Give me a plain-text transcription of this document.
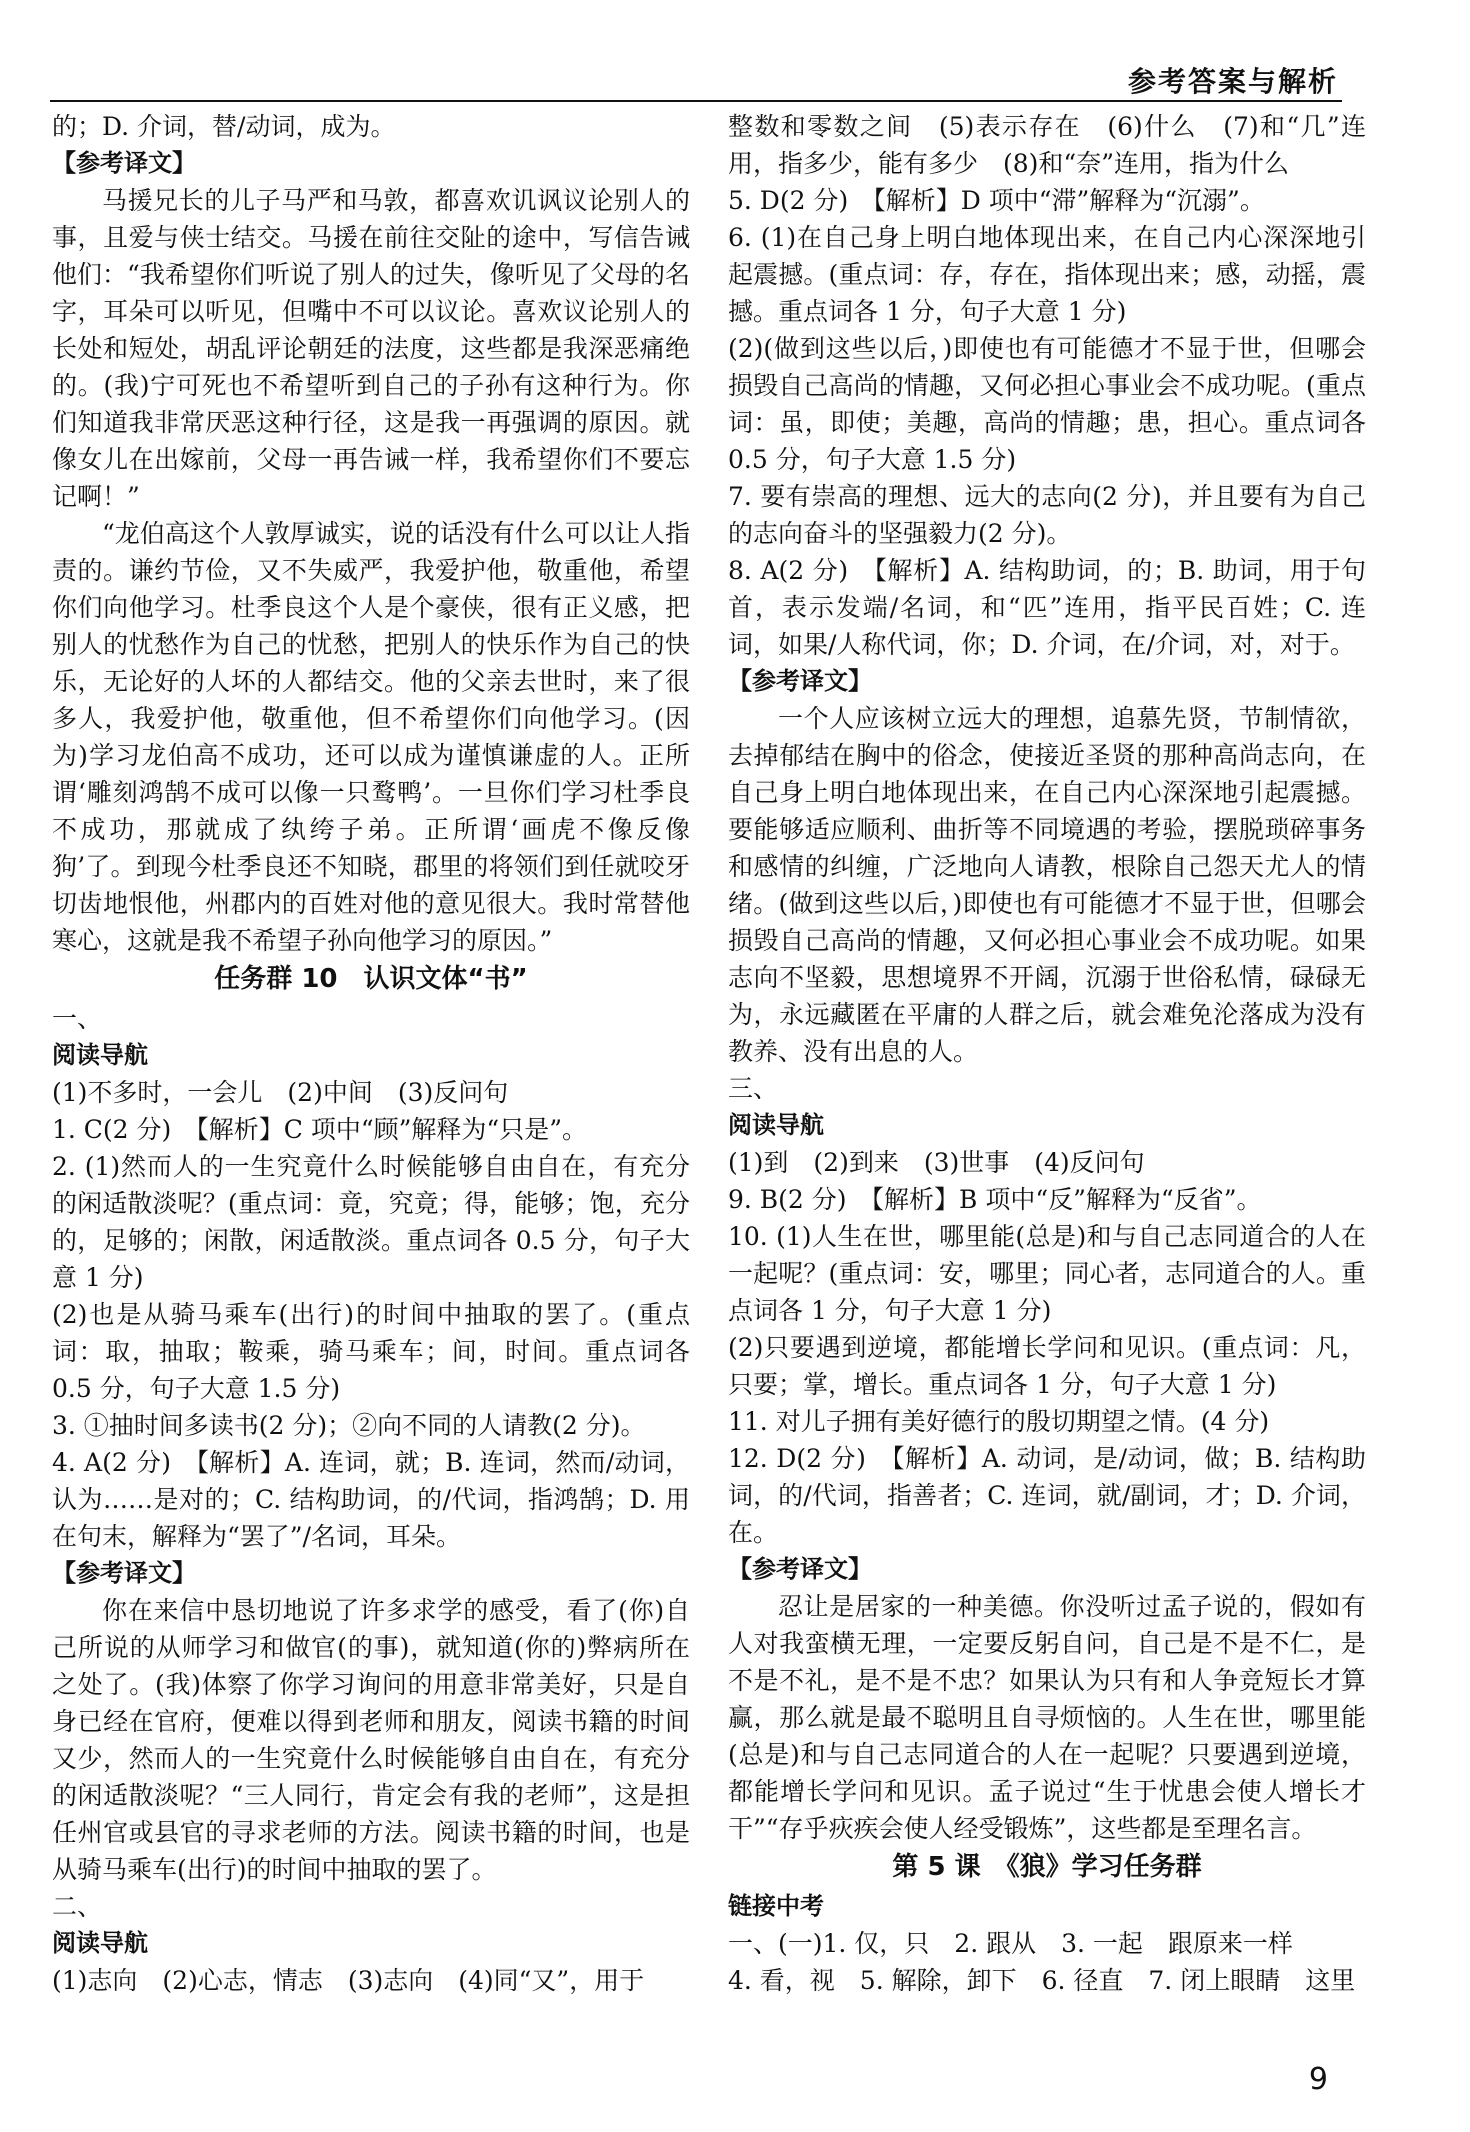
参考答案与解析

的；D. 介词，替/动词，成为。

【参考译文】

马援兄长的儿子马严和马敦，都喜欢讥讽议论别人的事，且爱与侠士结交。马援在前往交阯的途中，写信告诫他们：“我希望你们听说了别人的过失，像听见了父母的名字，耳朵可以听见，但嘴中不可以议论。喜欢议论别人的长处和短处，胡乱评论朝廷的法度，这些都是我深恶痛绝的。(我)宁可死也不希望听到自己的子孙有这种行为。你们知道我非常厌恶这种行径，这是我一再强调的原因。就像女儿在出嫁前，父母一再告诫一样，我希望你们不要忘记啊！”

“龙伯高这个人敦厚诚实，说的话没有什么可以让人指责的。谦约节俭，又不失威严，我爱护他，敬重他，希望你们向他学习。杜季良这个人是个豪侠，很有正义感，把别人的忧愁作为自己的忧愁，把别人的快乐作为自己的快乐，无论好的人坏的人都结交。他的父亲去世时，来了很多人，我爱护他，敬重他，但不希望你们向他学习。(因为)学习龙伯高不成功，还可以成为谨慎谦虚的人。正所谓‘雕刻鸿鹄不成可以像一只鹜鸭’。一旦你们学习杜季良不成功，那就成了纨绔子弟。正所谓‘画虎不像反像狗’了。到现今杜季良还不知晓，郡里的将领们到任就咬牙切齿地恨他，州郡内的百姓对他的意见很大。我时常替他寒心，这就是我不希望子孙向他学习的原因。”

任务群 10　认识文体“书”

一、

阅读导航

(1)不多时，一会儿　(2)中间　(3)反问句

1. C(2 分)　【解析】C 项中“顾”解释为“只是”。

2. (1)然而人的一生究竟什么时候能够自由自在，有充分的闲适散淡呢？(重点词：竟，究竟；得，能够；饱，充分的，足够的；闲散，闲适散淡。重点词各 0.5 分，句子大意 1 分)

(2)也是从骑马乘车(出行)的时间中抽取的罢了。(重点词：取，抽取；鞍乘，骑马乘车；间，时间。重点词各 0.5 分，句子大意 1.5 分)

3. ①抽时间多读书(2 分)；②向不同的人请教(2 分)。

4. A(2 分)　【解析】A. 连词，就；B. 连词，然而/动词，认为……是对的；C. 结构助词，的/代词，指鸿鹄；D. 用在句末，解释为“罢了”/名词，耳朵。

【参考译文】

你在来信中恳切地说了许多求学的感受，看了(你)自己所说的从师学习和做官(的事)，就知道(你的)弊病所在之处了。(我)体察了你学习询问的用意非常美好，只是自身已经在官府，便难以得到老师和朋友，阅读书籍的时间又少，然而人的一生究竟什么时候能够自由自在，有充分的闲适散淡呢？“三人同行，肯定会有我的老师”，这是担任州官或县官的寻求老师的方法。阅读书籍的时间，也是从骑马乘车(出行)的时间中抽取的罢了。

二、

阅读导航

(1)志向　(2)心志，情志　(3)志向　(4)同“又”，用于

整数和零数之间　(5)表示存在　(6)什么　(7)和“几”连用，指多少，能有多少　(8)和“奈”连用，指为什么

5. D(2 分)　【解析】D 项中“滞”解释为“沉溺”。

6. (1)在自己身上明白地体现出来，在自己内心深深地引起震撼。(重点词：存，存在，指体现出来；感，动摇，震撼。重点词各 1 分，句子大意 1 分)

(2)(做到这些以后，)即使也有可能德才不显于世，但哪会损毁自己高尚的情趣，又何必担心事业会不成功呢。(重点词：虽，即使；美趣，高尚的情趣；患，担心。重点词各 0.5 分，句子大意 1.5 分)

7. 要有崇高的理想、远大的志向(2 分)，并且要有为自己的志向奋斗的坚强毅力(2 分)。

8. A(2 分)　【解析】A. 结构助词，的；B. 助词，用于句首，表示发端/名词，和“匹”连用，指平民百姓；C. 连词，如果/人称代词，你；D. 介词，在/介词，对，对于。

【参考译文】

一个人应该树立远大的理想，追慕先贤，节制情欲，去掉郁结在胸中的俗念，使接近圣贤的那种高尚志向，在自己身上明白地体现出来，在自己内心深深地引起震撼。要能够适应顺利、曲折等不同境遇的考验，摆脱琐碎事务和感情的纠缠，广泛地向人请教，根除自己怨天尤人的情绪。(做到这些以后，)即使也有可能德才不显于世，但哪会损毁自己高尚的情趣，又何必担心事业会不成功呢。如果志向不坚毅，思想境界不开阔，沉溺于世俗私情，碌碌无为，永远藏匿在平庸的人群之后，就会难免沦落成为没有教养、没有出息的人。

三、

阅读导航

(1)到　(2)到来　(3)世事　(4)反问句

9. B(2 分)　【解析】B 项中“反”解释为“反省”。

10. (1)人生在世，哪里能(总是)和与自己志同道合的人在一起呢？(重点词：安，哪里；同心者，志同道合的人。重点词各 1 分，句子大意 1 分)

(2)只要遇到逆境，都能增长学问和见识。(重点词：凡，只要；掌，增长。重点词各 1 分，句子大意 1 分)

11. 对儿子拥有美好德行的殷切期望之情。(4 分)

12. D(2 分)　【解析】A. 动词，是/动词，做；B. 结构助词，的/代词，指善者；C. 连词，就/副词，才；D. 介词，在。

【参考译文】

忍让是居家的一种美德。你没听过孟子说的，假如有人对我蛮横无理，一定要反躬自问，自己是不是不仁，是不是不礼，是不是不忠？如果认为只有和人争竞短长才算赢，那么就是最不聪明且自寻烦恼的。人生在世，哪里能(总是)和与自己志同道合的人在一起呢？只要遇到逆境，都能增长学问和见识。孟子说过“生于忧患会使人增长才干”“存乎疢疾会使人经受锻炼”，这些都是至理名言。

第 5 课　《狼》学习任务群
链接中考

一、(一)1. 仅，只　2. 跟从　3. 一起　跟原来一样

4. 看，视　5. 解除，卸下　6. 径直　7. 闭上眼睛　这里

9
